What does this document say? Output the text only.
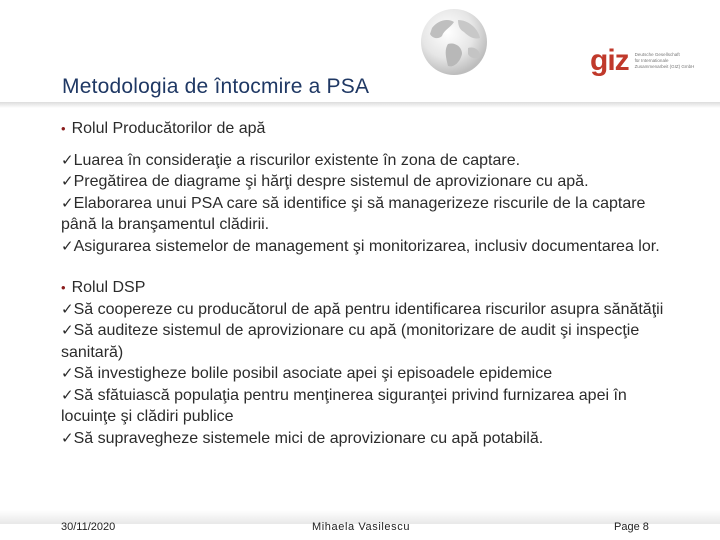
giz Deutsche Gesellschaft
für Internationale
Zusammenarbeit (GIZ) GmbH
Metodologia de întocmire a PSA
• Rolul Producătorilor de apă
✓Luarea în consideraţie a riscurilor existente în zona de captare.
✓Pregătirea de diagrame şi hărţi despre sistemul de aprovizionare cu apă.
✓Elaborarea unui PSA care să identifice şi să managerizeze riscurile de la captare până la branşamentul clădirii.
✓Asigurarea sistemelor de management şi monitorizarea, inclusiv documentarea lor.
• Rolul DSP
✓Să coopereze cu producătorul de apă pentru identificarea riscurilor asupra sănătăţii
✓Să auditeze sistemul de aprovizionare cu apă (monitorizare de audit şi inspecţie sanitară)
✓Să investigheze bolile posibil asociate apei şi episoadele epidemice
✓Să sfătuiască populaţia pentru menţinerea siguranţei privind furnizarea apei în locuinţe şi clădiri publice
✓Să supravegheze sistemele mici de aprovizionare cu apă potabilă.
30/11/2020	Mihaela Vasilescu	Page 8
